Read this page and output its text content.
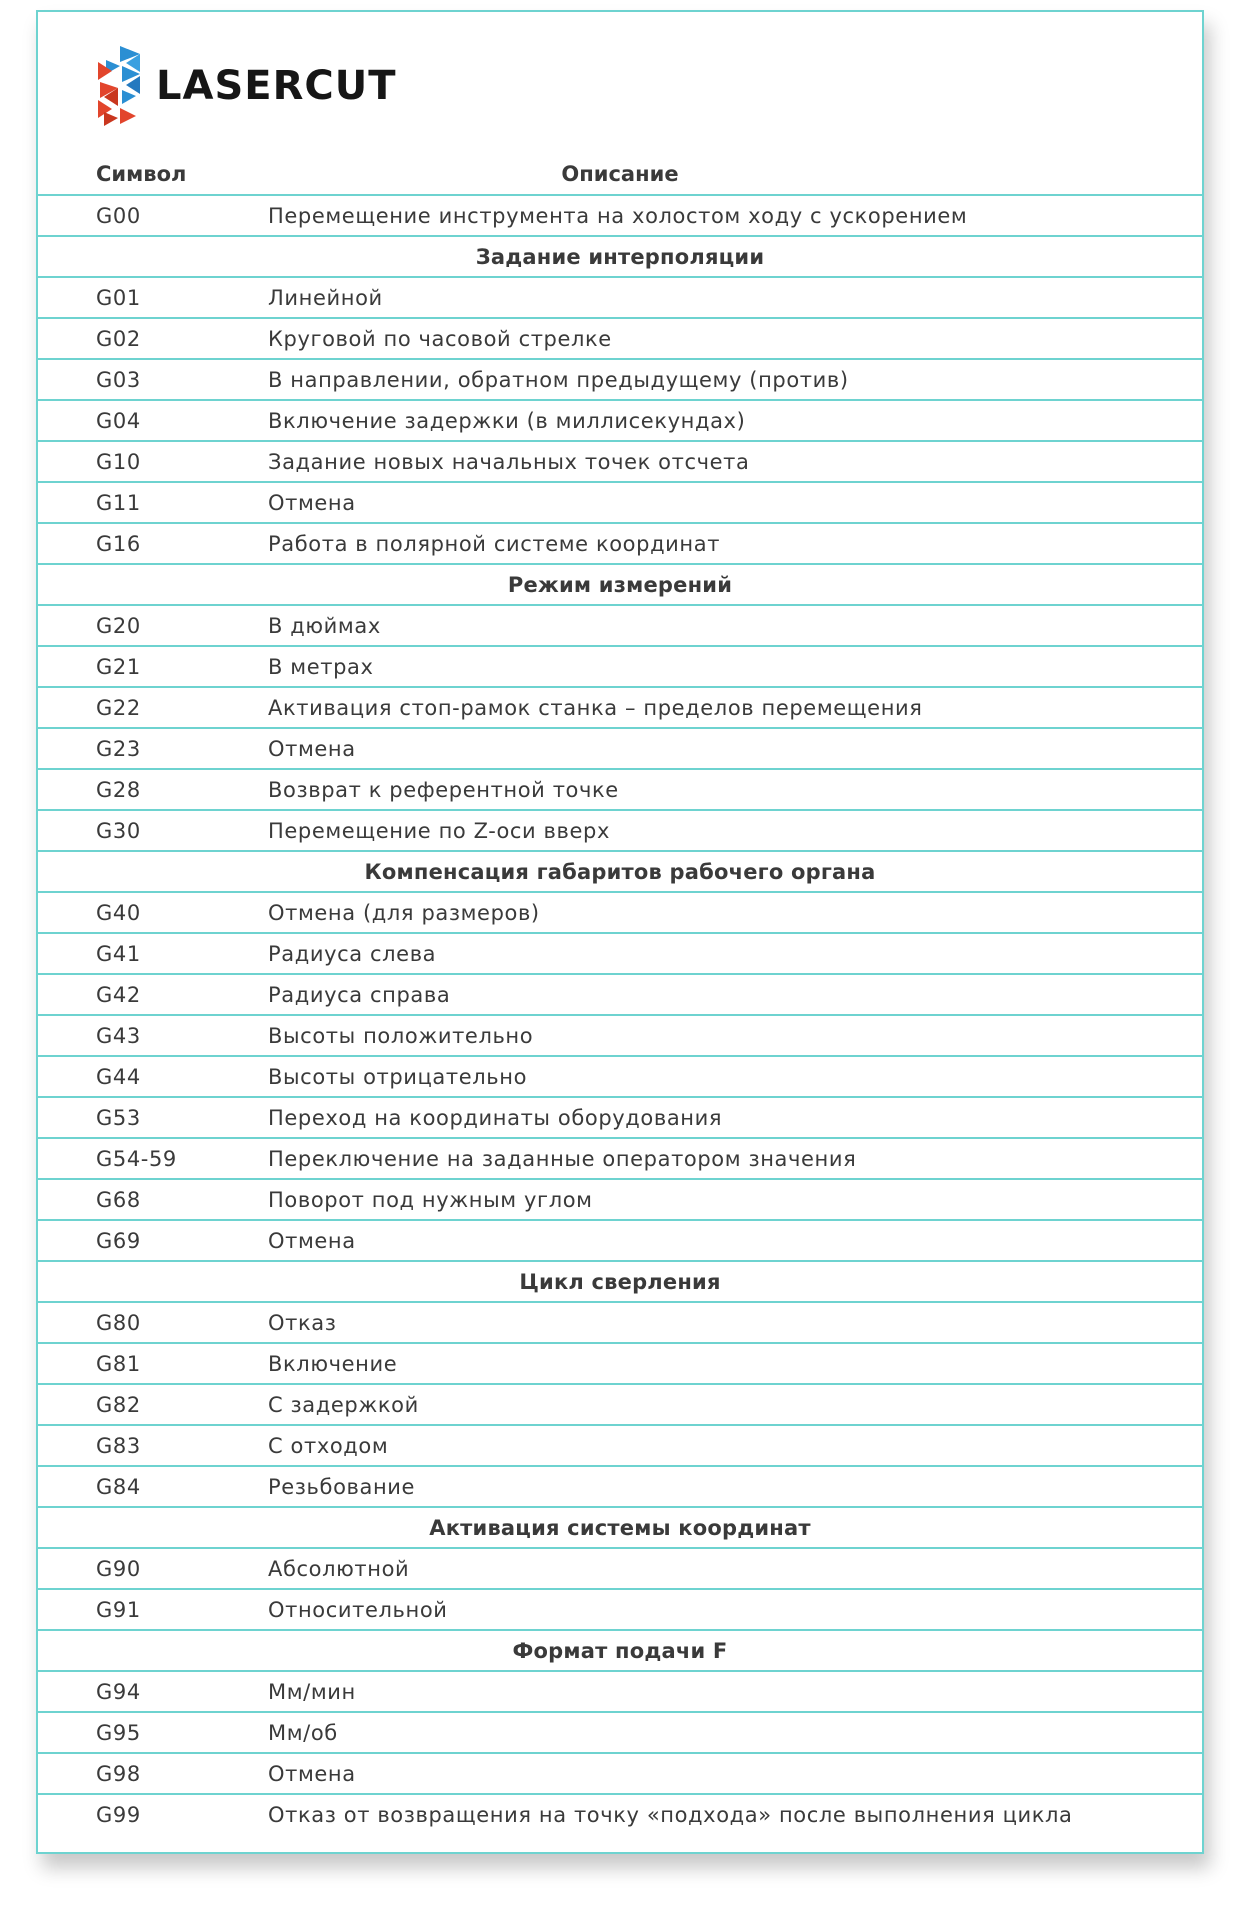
LASERCUT
Символ	Описание
G00	Перемещение инструмента на холостом ходу с ускорением
Задание интерполяции
G01	Линейной
G02	Круговой по часовой стрелке
G03	В направлении, обратном предыдущему (против)
G04	Включение задержки (в миллисекундах)
G10	Задание новых начальных точек отсчета
G11	Отмена
G16	Работа в полярной системе координат
Режим измерений
G20	В дюймах
G21	В метрах
G22	Активация стоп-рамок станка – пределов перемещения
G23	Отмена
G28	Возврат к референтной точке
G30	Перемещение по Z-оси вверх
Компенсация габаритов рабочего органа
G40	Отмена (для размеров)
G41	Радиуса слева
G42	Радиуса справа
G43	Высоты положительно
G44	Высоты отрицательно
G53	Переход на координаты оборудования
G54-59	Переключение на заданные оператором значения
G68	Поворот под нужным углом
G69	Отмена
Цикл сверления
G80	Отказ
G81	Включение
G82	С задержкой
G83	С отходом
G84	Резьбование
Активация системы координат
G90	Абсолютной
G91	Относительной
Формат подачи F
G94	Мм/мин
G95	Мм/об
G98	Отмена
G99	Отказ от возвращения на точку «подхода» после выполнения цикла
